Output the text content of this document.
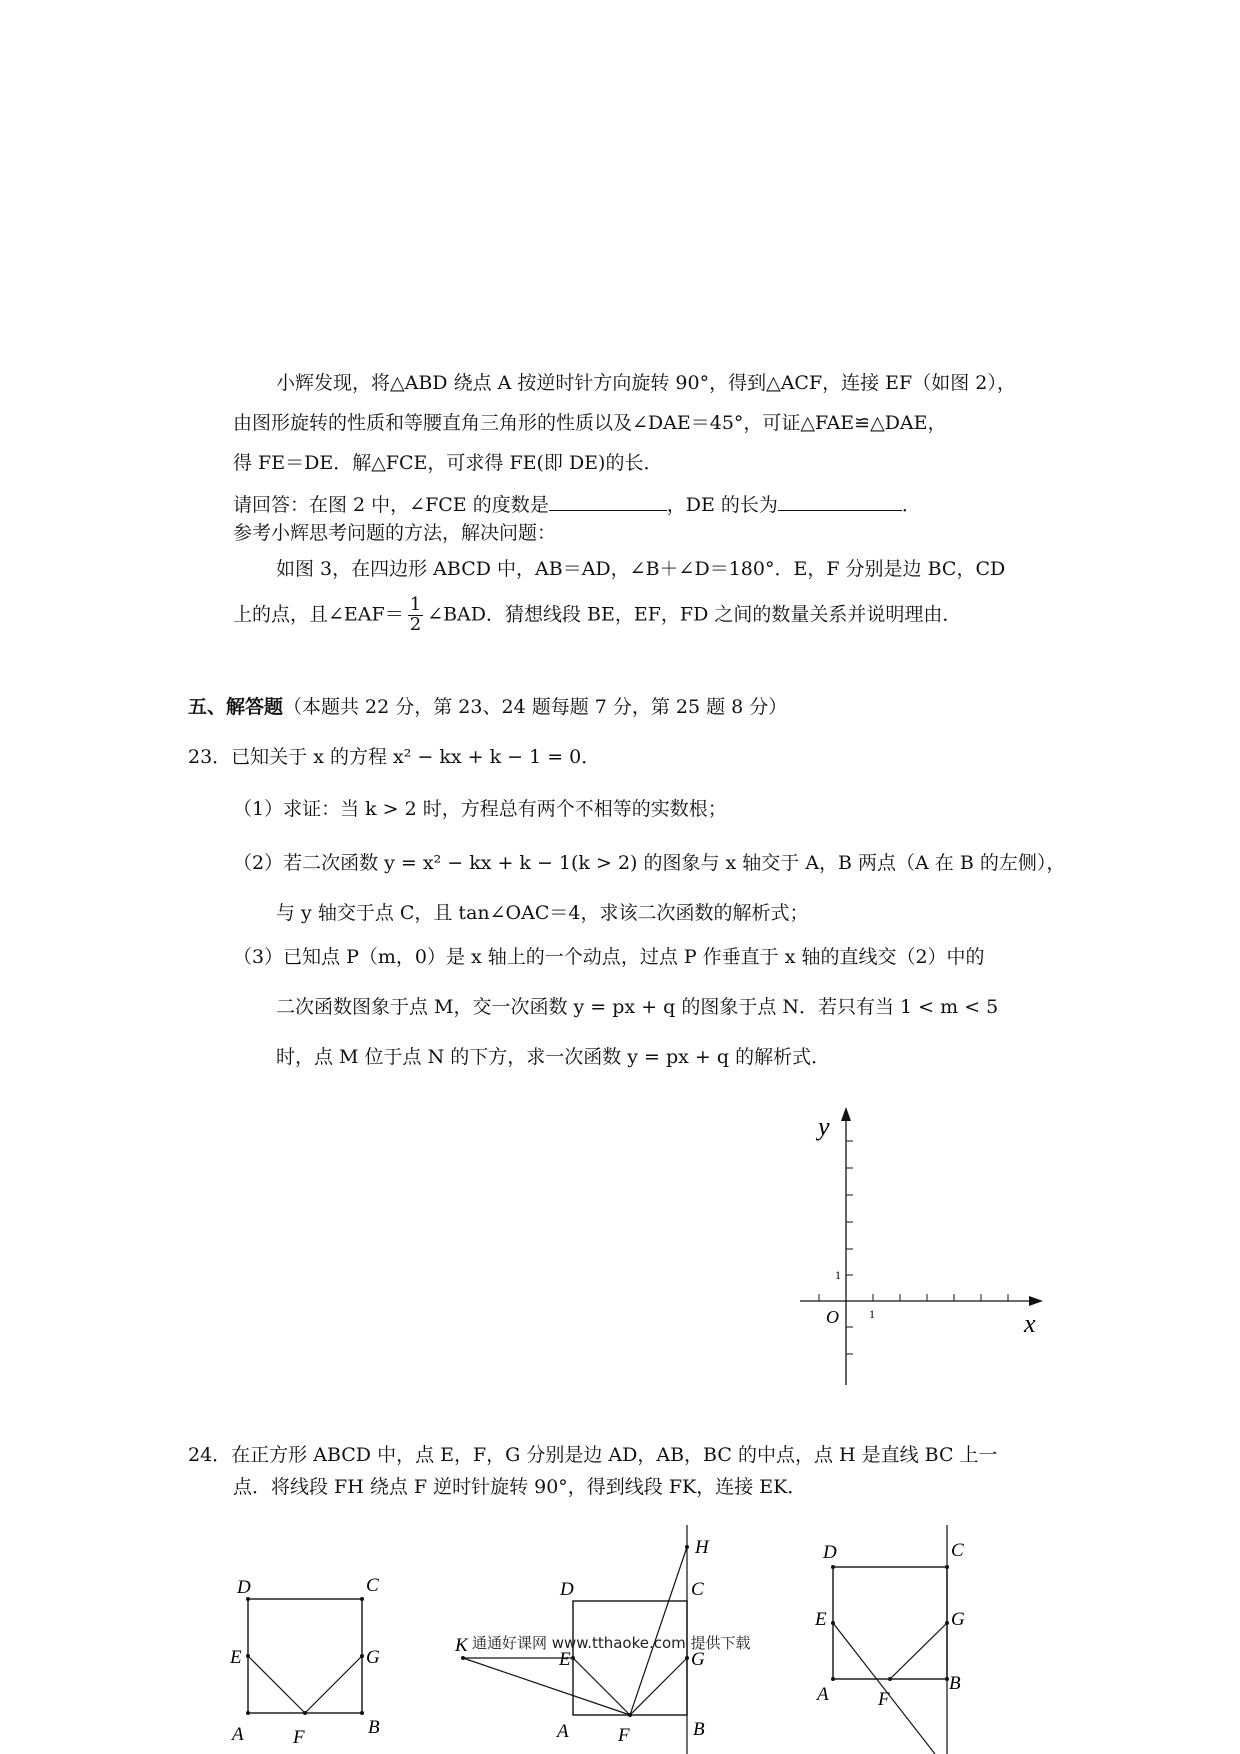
小辉发现，将△ABD 绕点 A 按逆时针方向旋转 90°，得到△ACF，连接 EF（如图 2），
由图形旋转的性质和等腰直角三角形的性质以及∠DAE＝45°，可证△FAE≌△DAE，
得 FE＝DE．解△FCE，可求得 FE(即 DE)的长．
请回答：在图 2 中，∠FCE 的度数是	，DE 的长为	．
参考小辉思考问题的方法，解决问题：
如图 3，在四边形 ABCD 中，AB＝AD，∠B＋∠D＝180°．E，F 分别是边 BC，CD
上的点，且∠EAF＝ $\frac{1}{2}$ ∠BAD．猜想线段 BE，EF，FD 之间的数量关系并说明理由．
五、解答题（本题共 22 分，第 23、24 题每题 7 分，第 25 题 8 分）
23．已知关于 x 的方程 x² − kx + k − 1 = 0．
（1）求证：当 k > 2 时，方程总有两个不相等的实数根；
（2）若二次函数 y = x² − kx + k − 1(k > 2) 的图象与 x 轴交于 A，B 两点（A 在 B 的左侧），
与 y 轴交于点 C，且 tan∠OAC＝4，求该二次函数的解析式；
（3）已知点 P（m，0）是 x 轴上的一个动点，过点 P 作垂直于 x 轴的直线交（2）中的
二次函数图象于点 M，交一次函数 y = px + q 的图象于点 N．若只有当 1 < m < 5
时，点 M 位于点 N 的下方，求一次函数 y = px + q 的解析式．
y
x
O	1
1
24．在正方形 ABCD 中，点 E，F，G 分别是边 AD，AB，BC 的中点，点 H 是直线 BC 上一
点．将线段 FH 绕点 F 逆时针旋转 90°，得到线段 FK，连接 EK．
D	C
E	G
A	B
F
H
D	C
E	G
K
A	B
F
D	C
E	G
A
B
F
通通好课网 www.tthaoke.com 提供下载
